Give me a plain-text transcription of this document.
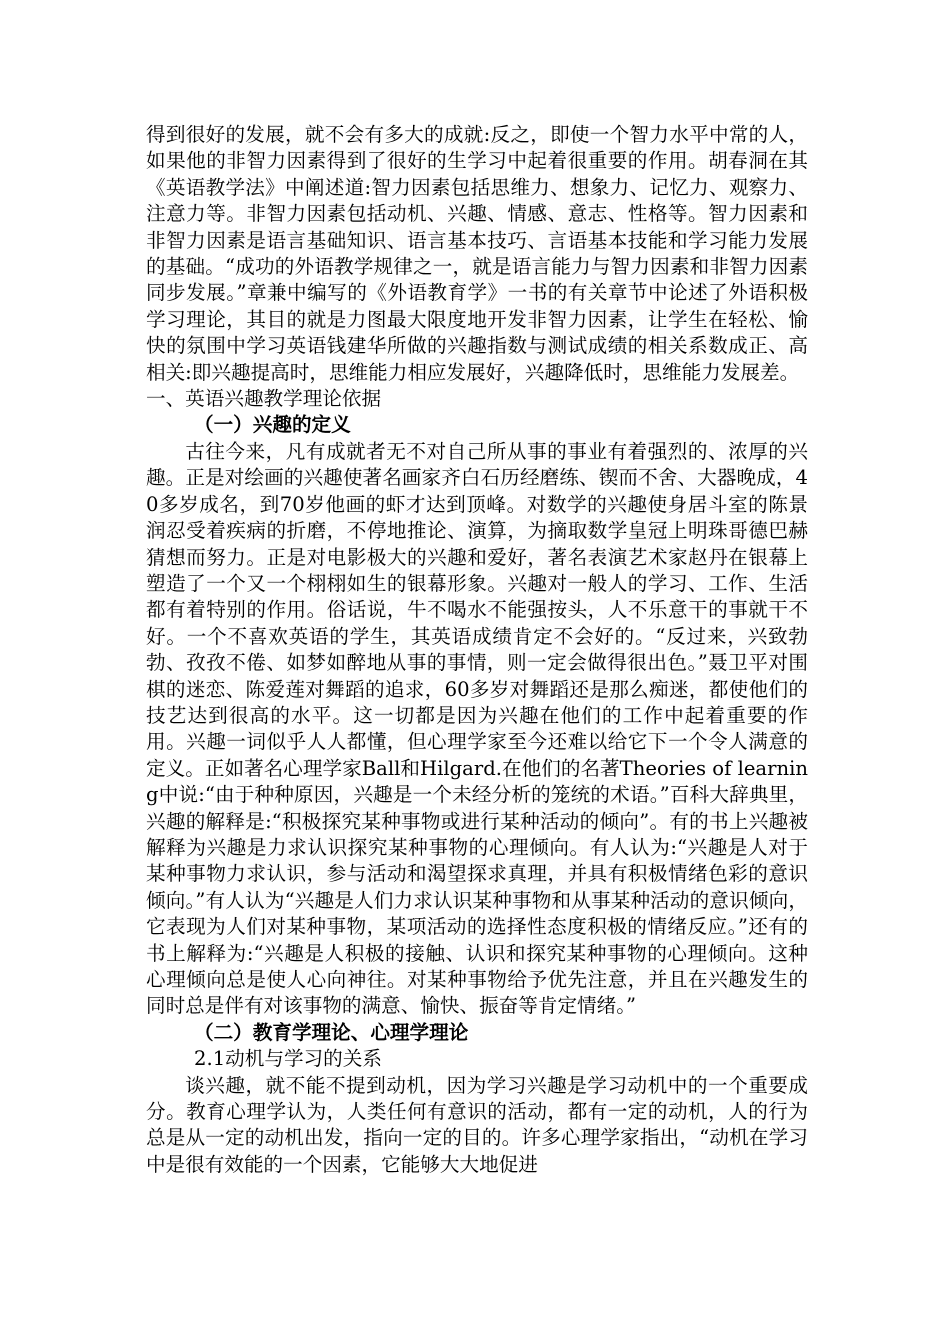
得到很好的发展，就不会有多大的成就:反之，即使一个智力水平中常的人，如果他的非智力因素得到了很好的生学习中起着很重要的作用。胡春洞在其《英语教学法》中阐述道:智力因素包括思维力、想象力、记忆力、观察力、注意力等。非智力因素包括动机、兴趣、情感、意志、性格等。智力因素和非智力因素是语言基础知识、语言基本技巧、言语基本技能和学习能力发展的基础。“成功的外语教学规律之一，就是语言能力与智力因素和非智力因素同步发展。”章兼中编写的《外语教育学》一书的有关章节中论述了外语积极学习理论，其目的就是力图最大限度地开发非智力因素，让学生在轻松、愉快的氛围中学习英语钱建华所做的兴趣指数与测试成绩的相关系数成正、高相关:即兴趣提高时，思维能力相应发展好，兴趣降低时，思维能力发展差。

一、英语兴趣教学理论依据

（一）兴趣的定义

古往今来，凡有成就者无不对自己所从事的事业有着强烈的、浓厚的兴趣。正是对绘画的兴趣使著名画家齐白石历经磨练、锲而不舍、大器晚成，40多岁成名，到70岁他画的虾才达到顶峰。对数学的兴趣使身居斗室的陈景润忍受着疾病的折磨，不停地推论、演算，为摘取数学皇冠上明珠哥德巴赫猜想而努力。正是对电影极大的兴趣和爱好，著名表演艺术家赵丹在银幕上塑造了一个又一个栩栩如生的银幕形象。兴趣对一般人的学习、工作、生活都有着特别的作用。俗话说，牛不喝水不能强按头，人不乐意干的事就干不好。一个不喜欢英语的学生，其英语成绩肯定不会好的。“反过来，兴致勃勃、孜孜不倦、如梦如醉地从事的事情，则一定会做得很出色。”聂卫平对围棋的迷恋、陈爱莲对舞蹈的追求，60多岁对舞蹈还是那么痴迷，都使他们的技艺达到很高的水平。这一切都是因为兴趣在他们的工作中起着重要的作用。兴趣一词似乎人人都懂，但心理学家至今还难以给它下一个令人满意的定义。正如著名心理学家Ball和Hilgard.在他们的名著Theories of learning中说:“由于种种原因，兴趣是一个未经分析的笼统的术语。”百科大辞典里，兴趣的解释是:“积极探究某种事物或进行某种活动的倾向”。有的书上兴趣被解释为兴趣是力求认识探究某种事物的心理倾向。有人认为:“兴趣是人对于某种事物力求认识，参与活动和渴望探求真理，并具有积极情绪色彩的意识倾向。”有人认为“兴趣是人们力求认识某种事物和从事某种活动的意识倾向，它表现为人们对某种事物，某项活动的选择性态度积极的情绪反应。”还有的书上解释为:“兴趣是人积极的接触、认识和探究某种事物的心理倾向。这种心理倾向总是使人心向神往。对某种事物给予优先注意，并且在兴趣发生的同时总是伴有对该事物的满意、愉快、振奋等肯定情绪。”

（二）教育学理论、心理学理论

2.1动机与学习的关系

谈兴趣，就不能不提到动机，因为学习兴趣是学习动机中的一个重要成分。教育心理学认为，人类任何有意识的活动，都有一定的动机，人的行为总是从一定的动机出发，指向一定的目的。许多心理学家指出，“动机在学习中是很有效能的一个因素，它能够大大地促进
